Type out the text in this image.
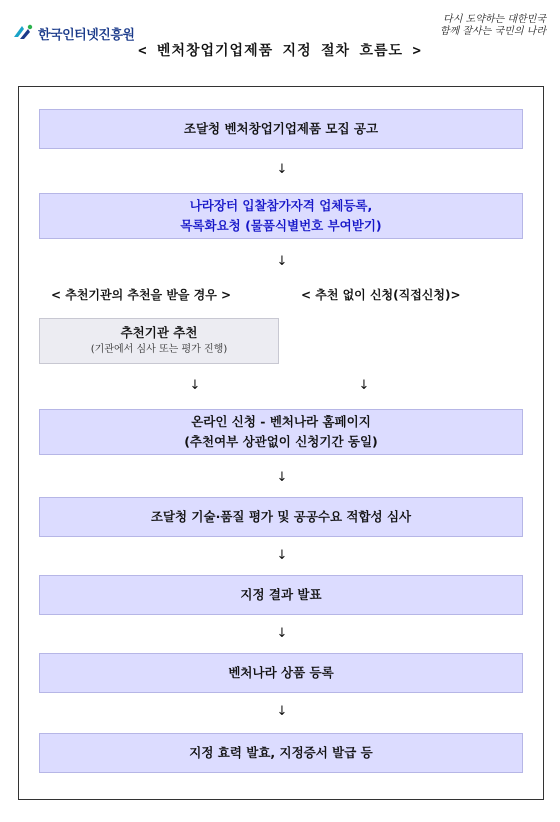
한국인터넷진흥원
다시 도약하는 대한민국
함께 잘사는 국민의 나라
< 벤처창업기업제품 지정 절차 흐름도 >
조달청 벤처창업기업제품 모집 공고
↓
나라장터 입찰참가자격 업체등록,
목록화요청 (물품식별번호 부여받기)
↓
< 추천기관의 추천을 받을 경우 >	< 추천 없이 신청(직접신청)>
추천기관 추천
(기관에서 심사 또는 평가 진행)
↓	↓
온라인 신청 - 벤처나라 홈페이지
(추천여부 상관없이 신청기간 동일)
↓
조달청 기술·품질 평가 및 공공수요 적합성 심사
↓
지정 결과 발표
↓
벤처나라 상품 등록
↓
지정 효력 발효, 지정증서 발급 등
